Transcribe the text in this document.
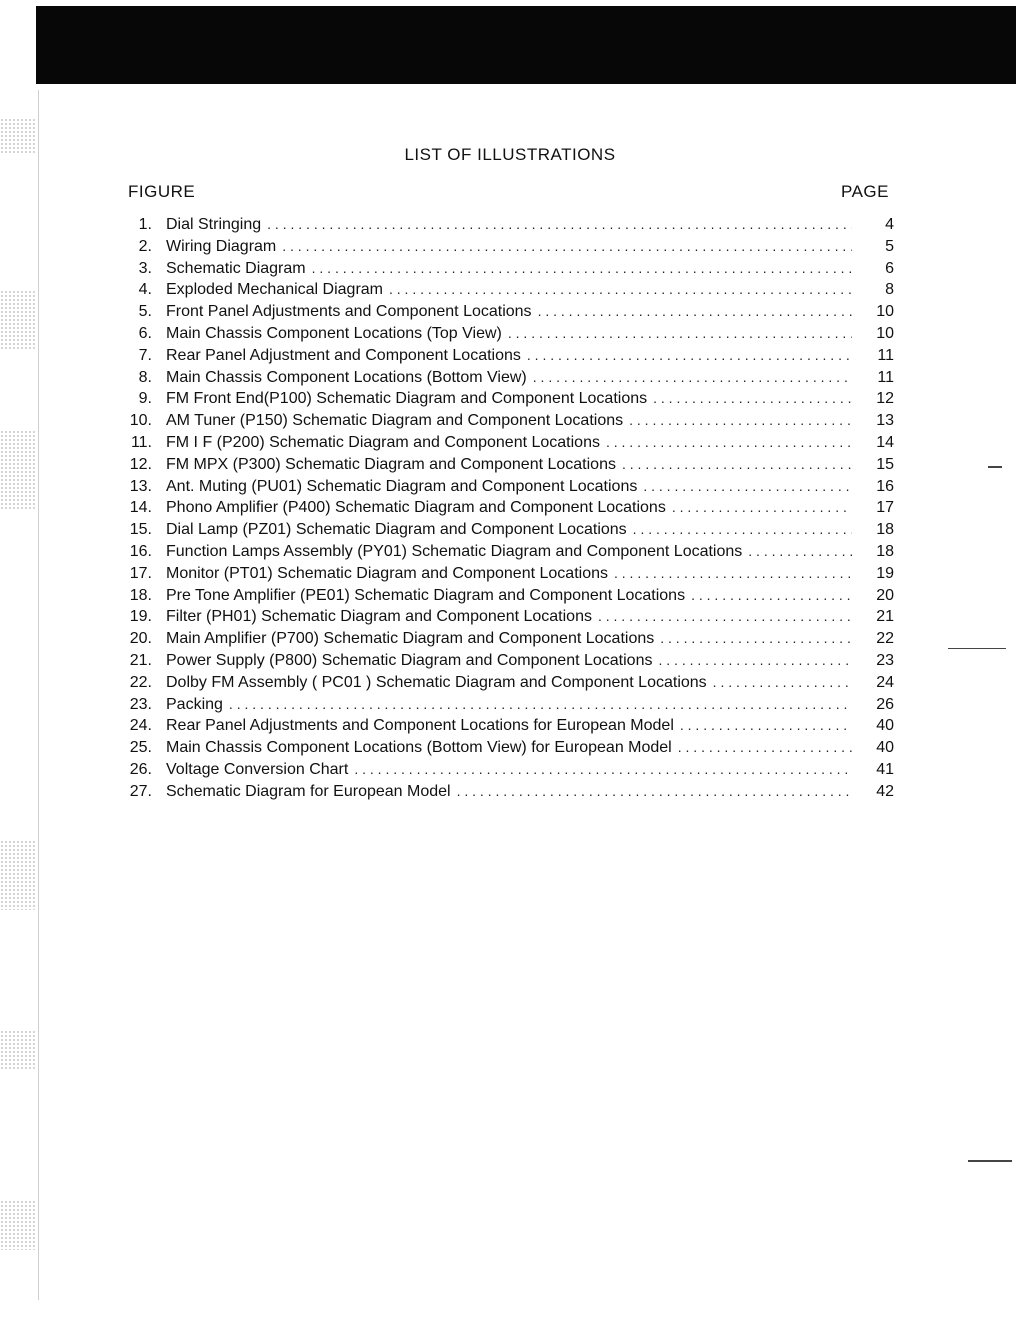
LIST OF ILLUSTRATIONS
FIGURE	PAGE
1. Dial Stringing . . .	4
2. Wiring Diagram . . .	5
3. Schematic Diagram . . .	6
4. Exploded Mechanical Diagram . . .	8
5. Front Panel Adjustments and Component Locations . . .	10
6. Main Chassis Component Locations (Top View) . . .	10
7. Rear Panel Adjustment and Component Locations . . .	11
8. Main Chassis Component Locations (Bottom View) . . .	11
9. FM Front End(P100) Schematic Diagram and Component Locations . . .	12
10. AM Tuner (P150) Schematic Diagram and Component Locations . . .	13
11. FM I F (P200) Schematic Diagram and Component Locations . . .	14
12. FM MPX (P300) Schematic Diagram and Component Locations . . .	15
13. Ant. Muting (PU01) Schematic Diagram and Component Locations . . .	16
14. Phono Amplifier (P400) Schematic Diagram and Component Locations . . .	17
15. Dial Lamp (PZ01) Schematic Diagram and Component Locations . . .	18
16. Function Lamps Assembly (PY01) Schematic Diagram and Component Locations . . .	18
17. Monitor (PT01) Schematic Diagram and Component Locations . . .	19
18. Pre Tone Amplifier (PE01) Schematic Diagram and Component Locations . . .	20
19. Filter (PH01) Schematic Diagram and Component Locations . . .	21
20. Main Amplifier (P700) Schematic Diagram and Component Locations . . .	22
21. Power Supply (P800) Schematic Diagram and Component Locations . . .	23
22. Dolby FM Assembly ( PC01 ) Schematic Diagram and Component Locations . . .	24
23. Packing . . .	26
24. Rear Panel Adjustments and Component Locations for European Model . . .	40
25. Main Chassis Component Locations (Bottom View) for European Model . . .	40
26. Voltage Conversion Chart . . .	41
27. Schematic Diagram for European Model . . .	42
